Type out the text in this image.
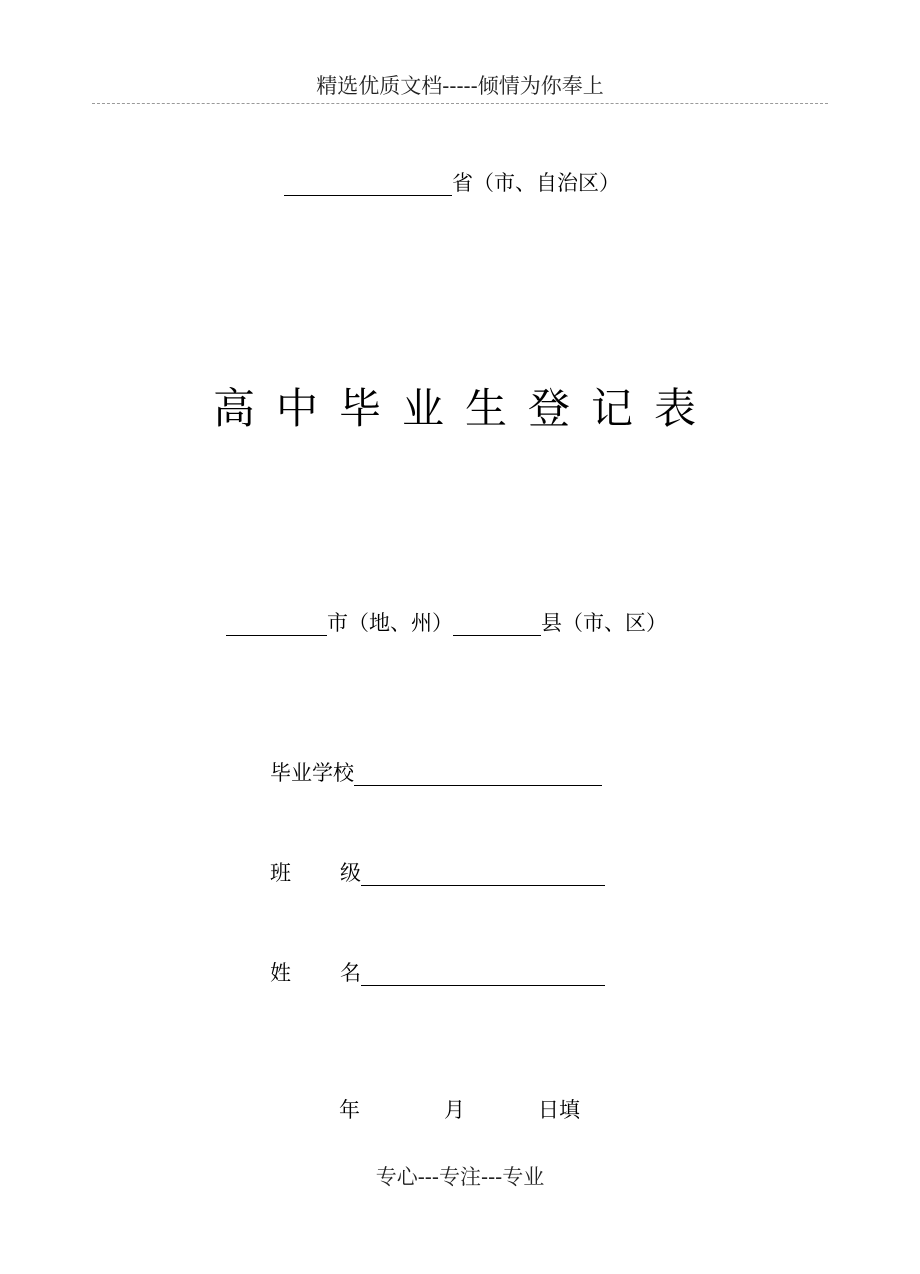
精选优质文档-----倾情为你奉上
省（市、自治区）
高中毕业生登记表
市（地、州）	县（市、区）
毕业学校
班 级
姓 名
年	月	日填
专心---专注---专业
